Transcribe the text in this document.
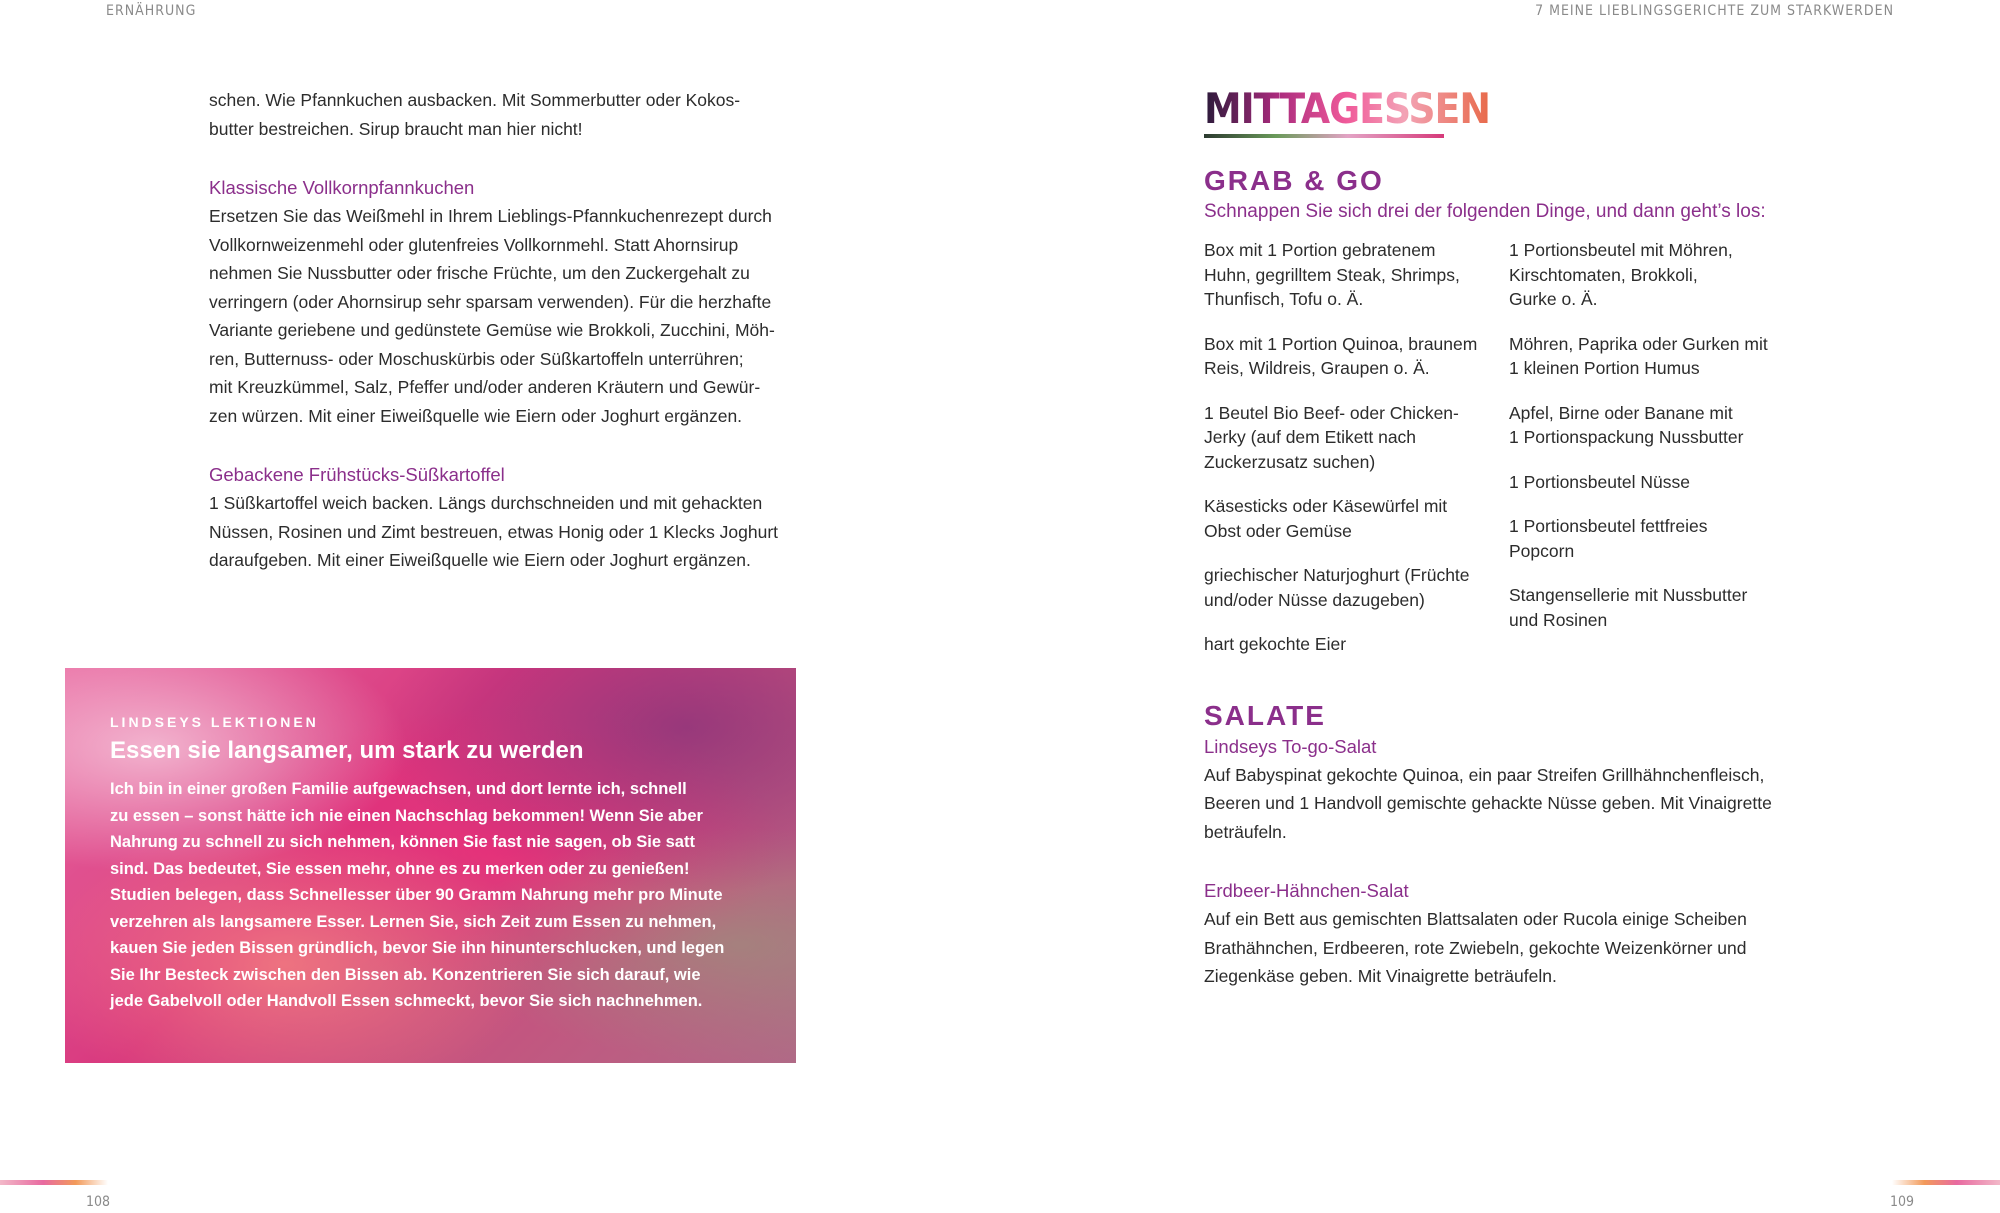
ERNÄHRUNG	7 MEINE LIEBLINGSGERICHTE ZUM STARKWERDEN

schen. Wie Pfannkuchen ausbacken. Mit Sommerbutter oder Kokos-
butter bestreichen. Sirup braucht man hier nicht!

Klassische Vollkornpfannkuchen

Ersetzen Sie das Weißmehl in Ihrem Lieblings-Pfannkuchenrezept durch
Vollkornweizenmehl oder glutenfreies Vollkornmehl. Statt Ahornsirup
nehmen Sie Nussbutter oder frische Früchte, um den Zuckergehalt zu
verringern (oder Ahornsirup sehr sparsam verwenden). Für die herzhafte
Variante geriebene und gedünstete Gemüse wie Brokkoli, Zucchini, Möh-
ren, Butternuss- oder Moschuskürbis oder Süßkartoffeln unterrühren;
mit Kreuzkümmel, Salz, Pfeffer und/oder anderen Kräutern und Gewür-
zen würzen. Mit einer Eiweißquelle wie Eiern oder Joghurt ergänzen.

Gebackene Frühstücks-Süßkartoffel

1 Süßkartoffel weich backen. Längs durchschneiden und mit gehackten
Nüssen, Rosinen und Zimt bestreuen, etwas Honig oder 1 Klecks Joghurt
daraufgeben. Mit einer Eiweißquelle wie Eiern oder Joghurt ergänzen.

LINDSEYS LEKTIONEN

Essen sie langsamer, um stark zu werden

Ich bin in einer großen Familie aufgewachsen, und dort lernte ich, schnell
zu essen – sonst hätte ich nie einen Nachschlag bekommen! Wenn Sie aber
Nahrung zu schnell zu sich nehmen, können Sie fast nie sagen, ob Sie satt
sind. Das bedeutet, Sie essen mehr, ohne es zu merken oder zu genießen!
Studien belegen, dass Schnellesser über 90 Gramm Nahrung mehr pro Minute
verzehren als langsamere Esser. Lernen Sie, sich Zeit zum Essen zu nehmen,
kauen Sie jeden Bissen gründlich, bevor Sie ihn hinunterschlucken, und legen
Sie Ihr Besteck zwischen den Bissen ab. Konzentrieren Sie sich darauf, wie
jede Gabelvoll oder Handvoll Essen schmeckt, bevor Sie sich nachnehmen.

MITTAGESSEN

GRAB & GO

Schnappen Sie sich drei der folgenden Dinge, und dann geht’s los:

Box mit 1 Portion gebratenem
Huhn, gegrilltem Steak, Shrimps,
Thunfisch, Tofu o. Ä.

Box mit 1 Portion Quinoa, braunem
Reis, Wildreis, Graupen o. Ä.

1 Beutel Bio Beef- oder Chicken-
Jerky (auf dem Etikett nach
Zuckerzusatz suchen)

Käsesticks oder Käsewürfel mit
Obst oder Gemüse

griechischer Naturjoghurt (Früchte
und/oder Nüsse dazugeben)

hart gekochte Eier

1 Portionsbeutel mit Möhren,
Kirschtomaten, Brokkoli,
Gurke o. Ä.

Möhren, Paprika oder Gurken mit
1 kleinen Portion Humus

Apfel, Birne oder Banane mit
1 Portionspackung Nussbutter

1 Portionsbeutel Nüsse

1 Portionsbeutel fettfreies
Popcorn

Stangensellerie mit Nussbutter
und Rosinen

SALATE

Lindseys To-go-Salat

Auf Babyspinat gekochte Quinoa, ein paar Streifen Grillhähnchenfleisch,
Beeren und 1 Handvoll gemischte gehackte Nüsse geben. Mit Vinaigrette
beträufeln.

Erdbeer-Hähnchen-Salat

Auf ein Bett aus gemischten Blattsalaten oder Rucola einige Scheiben
Brathähnchen, Erdbeeren, rote Zwiebeln, gekochte Weizenkörner und
Ziegenkäse geben. Mit Vinaigrette beträufeln.

108	109
